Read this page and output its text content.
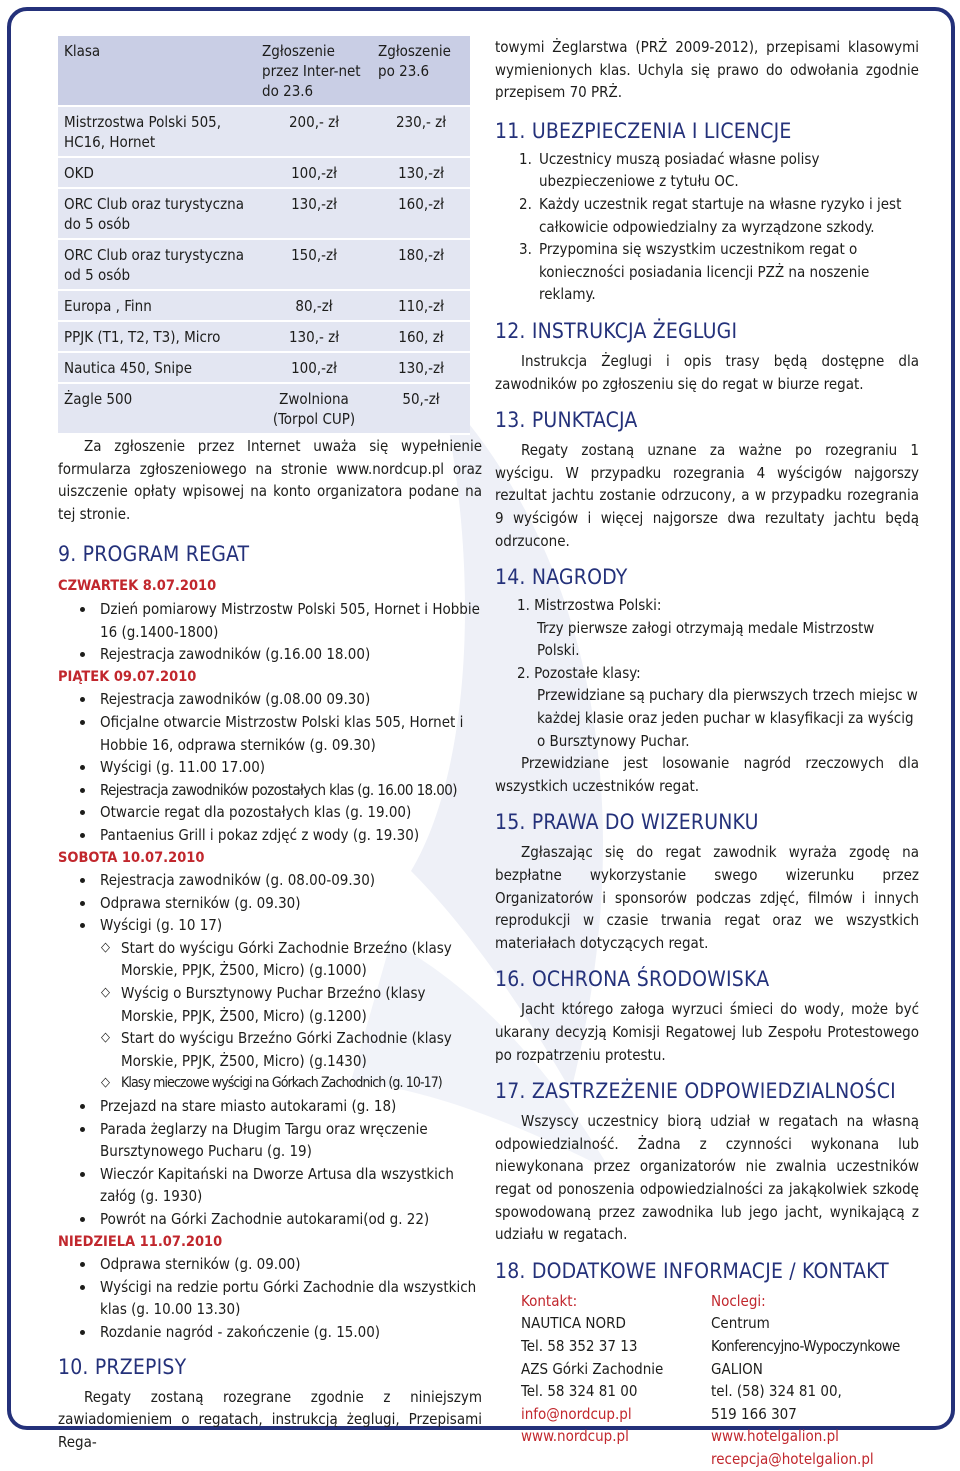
Klasa	Zgłoszenie przez Inter-net do 23.6	Zgłoszenie po 23.6
Mistrzostwa Polski 505, HC16, Hornet	200,- zł	230,- zł
OKD	100,-zł	130,-zł
ORC Club oraz turystyczna do 5 osób	130,-zł	160,-zł
ORC Club oraz turystyczna od 5 osób	150,-zł	180,-zł
Europa , Finn	80,-zł	110,-zł
PPJK (T1, T2, T3), Micro	130,- zł	160, zł
Nautica 450, Snipe	100,-zł	130,-zł
Żagle 500	Zwolniona (Torpol CUP)	50,-zł

Za zgłoszenie przez Internet uważa się wypełnienie formularza zgłoszeniowego na stronie www.nordcup.pl oraz uiszczenie opłaty wpisowej na konto organizatora podane na tej stronie.

9. PROGRAM REGAT

CZWARTEK 8.07.2010

Dzień pomiarowy Mistrzostw Polski 505, Hornet i Hobbie 16 (g.1400-1800)
Rejestracja zawodników (g.16.00 18.00)

PIĄTEK 09.07.2010

Rejestracja zawodników (g.08.00 09.30)
Oficjalne otwarcie Mistrzostw Polski klas 505, Hornet i Hobbie 16, odprawa sterników (g. 09.30)
Wyścigi (g. 11.00 17.00)
Rejestracja zawodników pozostałych klas (g. 16.00 18.00)
Otwarcie regat dla pozostałych klas (g. 19.00)
Pantaenius Grill i pokaz zdjęć z wody (g. 19.30)

SOBOTA 10.07.2010

Rejestracja zawodników (g. 08.00-09.30)
Odprawa sterników (g. 09.30)
Wyścigi (g. 10 17)
◇ Start do wyścigu Górki Zachodnie Brzeźno (klasy Morskie, PPJK, Ż500, Micro) (g.1000)
◇ Wyścig o Bursztynowy Puchar Brzeźno (klasy Morskie, PPJK, Ż500, Micro) (g.1200)
◇ Start do wyścigu Brzeźno Górki Zachodnie (klasy Morskie, PPJK, Ż500, Micro) (g.1430)
◇ Klasy mieczowe wyścigi na Górkach Zachodnich (g. 10-17)
Przejazd na stare miasto autokarami (g. 18)
Parada żeglarzy na Długim Targu oraz wręczenie Bursztynowego Pucharu (g. 19)
Wieczór Kapitański na Dworze Artusa dla wszystkich załóg (g. 1930)
Powrót na Górki Zachodnie autokarami(od g. 22)

NIEDZIELA 11.07.2010

Odprawa sterników (g. 09.00)
Wyścigi na redzie portu Górki Zachodnie dla wszystkich klas (g. 10.00 13.30)
Rozdanie nagród - zakończenie (g. 15.00)
10. PRZEPISY

Regaty zostaną rozegrane zgodnie z niniejszym zawiadomieniem o regatach, instrukcją żeglugi, Przepisami Rega-

towymi Żeglarstwa (PRŻ 2009-2012), przepisami klasowymi wymienionych klas. Uchyla się prawo do odwołania zgodnie przepisem 70 PRŻ.

11. UBEZPIECZENIA I LICENCJE
1. Uczestnicy muszą posiadać własne polisy ubezpieczeniowe z tytułu OC.
2. Każdy uczestnik regat startuje na własne ryzyko i jest całkowicie odpowiedzialny za wyrządzone szkody.
3. Przypomina się wszystkim uczestnikom regat o konieczności posiadania licencji PZŻ na noszenie reklamy.
12. INSTRUKCJA ŻEGLUGI

Instrukcja Żeglugi i opis trasy będą dostępne dla zawodników po zgłoszeniu się do regat w biurze regat.

13. PUNKTACJA

Regaty zostaną uznane za ważne po rozegraniu 1 wyścigu. W przypadku rozegrania 4 wyścigów najgorszy rezultat jachtu zostanie odrzucony, a w przypadku rozegrania 9 wyścigów i więcej najgorsze dwa rezultaty jachtu będą odrzucone.

14. NAGRODY
1. Mistrzostwa Polski:
Trzy pierwsze załogi otrzymają medale Mistrzostw Polski.
2. Pozostałe klasy:
Przewidziane są puchary dla pierwszych trzech miejsc w każdej klasie oraz jeden puchar w klasyfikacji za wyścig o Bursztynowy Puchar.

Przewidziane jest losowanie nagród rzeczowych dla wszystkich uczestników regat.

15. PRAWA DO WIZERUNKU

Zgłaszając się do regat zawodnik wyraża zgodę na bezpłatne wykorzystanie swego wizerunku przez Organizatorów i sponsorów podczas zdjęć, filmów i innych reprodukcji w czasie trwania regat oraz we wszystkich materiałach dotyczących regat.

16. OCHRONA ŚRODOWISKA

Jacht którego załoga wyrzuci śmieci do wody, może być ukarany decyzją Komisji Regatowej lub Zespołu Protestowego po rozpatrzeniu protestu.

17. ZASTRZEŻENIE ODPOWIEDZIALNOŚCI

Wszyscy uczestnicy biorą udział w regatach na własną odpowiedzialność. Żadna z czynności wykonana lub niewykonana przez organizatorów nie zwalnia uczestników regat od ponoszenia odpowiedzialności za jakąkolwiek szkodę spowodowaną przez zawodnika lub jego jacht, wynikającą z udziału w regatach.

18. DODATKOWE INFORMACJE / KONTAKT
Kontakt:
NAUTICA NORD
Tel. 58 352 37 13
AZS Górki Zachodnie
Tel. 58 324 81 00
info@nordcup.pl
www.nordcup.pl
Noclegi:
Centrum
Konferencyjno-Wypoczynkowe
GALION
tel. (58) 324 81 00,
519 166 307
www.hotelgalion.pl
recepcja@hotelgalion.pl
